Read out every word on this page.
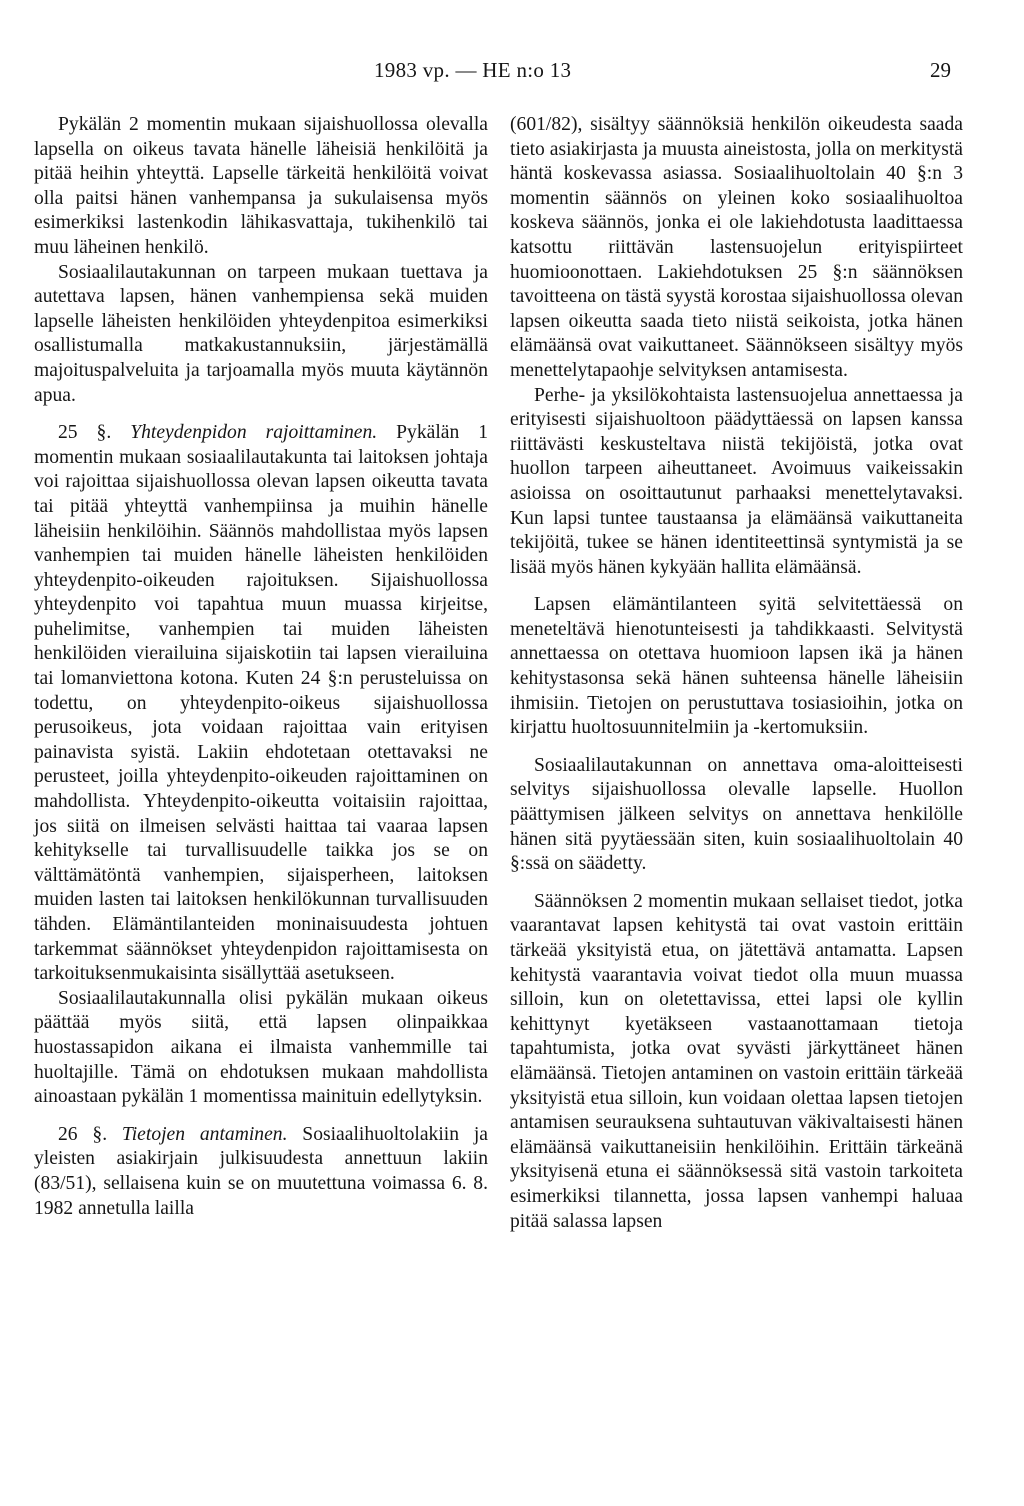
1983 vp. — HE n:o 13	29

Pykälän 2 momentin mukaan sijaishuollossa olevalla lapsella on oikeus tavata hänelle läheisiä henkilöitä ja pitää heihin yhteyttä. Lapselle tärkeitä henkilöitä voivat olla paitsi hänen vanhempansa ja sukulaisensa myös esimerkiksi lastenkodin lähikasvattaja, tukihenkilö tai muu läheinen henkilö.

Sosiaalilautakunnan on tarpeen mukaan tuettava ja autettava lapsen, hänen vanhempiensa sekä muiden lapselle läheisten henkilöiden yhteydenpitoa esimerkiksi osallistumalla matkakustannuksiin, järjestämällä majoituspalveluita ja tarjoamalla myös muuta käytännön apua.

25 §. Yhteydenpidon rajoittaminen. Pykälän 1 momentin mukaan sosiaalilautakunta tai laitoksen johtaja voi rajoittaa sijaishuollossa olevan lapsen oikeutta tavata tai pitää yhteyttä vanhempiinsa ja muihin hänelle läheisiin henkilöihin. Säännös mahdollistaa myös lapsen vanhempien tai muiden hänelle läheisten henkilöiden yhteydenpito-oikeuden rajoituksen. Sijaishuollossa yhteydenpito voi tapahtua muun muassa kirjeitse, puhelimitse, vanhempien tai muiden läheisten henkilöiden vierailuina sijaiskotiin tai lapsen vierailuina tai lomanviettona kotona. Kuten 24 §:n perusteluissa on todettu, on yhteydenpito-oikeus sijaishuollossa perusoikeus, jota voidaan rajoittaa vain erityisen painavista syistä. Lakiin ehdotetaan otettavaksi ne perusteet, joilla yhteydenpito-oikeuden rajoittaminen on mahdollista. Yhteydenpito-oikeutta voitaisiin rajoittaa, jos siitä on ilmeisen selvästi haittaa tai vaaraa lapsen kehitykselle tai turvallisuudelle taikka jos se on välttämätöntä vanhempien, sijaisperheen, laitoksen muiden lasten tai laitoksen henkilökunnan turvallisuuden tähden. Elämäntilanteiden moninaisuudesta johtuen tarkemmat säännökset yhteydenpidon rajoittamisesta on tarkoituksenmukaisinta sisällyttää asetukseen.

Sosiaalilautakunnalla olisi pykälän mukaan oikeus päättää myös siitä, että lapsen olinpaikkaa huostassapidon aikana ei ilmaista vanhemmille tai huoltajille. Tämä on ehdotuksen mukaan mahdollista ainoastaan pykälän 1 momentissa mainituin edellytyksin.

26 §. Tietojen antaminen. Sosiaalihuoltolakiin ja yleisten asiakirjain julkisuudesta annettuun lakiin (83/51), sellaisena kuin se on muutettuna voimassa 6. 8. 1982 annetulla lailla

(601/82), sisältyy säännöksiä henkilön oikeudesta saada tieto asiakirjasta ja muusta aineistosta, jolla on merkitystä häntä koskevassa asiassa. Sosiaalihuoltolain 40 §:n 3 momentin säännös on yleinen koko sosiaalihuoltoa koskeva säännös, jonka ei ole lakiehdotusta laadittaessa katsottu riittävän lastensuojelun erityispiirteet huomioonottaen. Lakiehdotuksen 25 §:n säännöksen tavoitteena on tästä syystä korostaa sijaishuollossa olevan lapsen oikeutta saada tieto niistä seikoista, jotka hänen elämäänsä ovat vaikuttaneet. Säännökseen sisältyy myös menettelytapaohje selvityksen antamisesta.

Perhe- ja yksilökohtaista lastensuojelua annettaessa ja erityisesti sijaishuoltoon päädyttäessä on lapsen kanssa riittävästi keskusteltava niistä tekijöistä, jotka ovat huollon tarpeen aiheuttaneet. Avoimuus vaikeissakin asioissa on osoittautunut parhaaksi menettelytavaksi. Kun lapsi tuntee taustaansa ja elämäänsä vaikuttaneita tekijöitä, tukee se hänen identiteettinsä syntymistä ja se lisää myös hänen kykyään hallita elämäänsä.

Lapsen elämäntilanteen syitä selvitettäessä on meneteltävä hienotunteisesti ja tahdikkaasti. Selvitystä annettaessa on otettava huomioon lapsen ikä ja hänen kehitystasonsa sekä hänen suhteensa hänelle läheisiin ihmisiin. Tietojen on perustuttava tosiasioihin, jotka on kirjattu huoltosuunnitelmiin ja -kertomuksiin.

Sosiaalilautakunnan on annettava oma-aloitteisesti selvitys sijaishuollossa olevalle lapselle. Huollon päättymisen jälkeen selvitys on annettava henkilölle hänen sitä pyytäessään siten, kuin sosiaalihuoltolain 40 §:ssä on säädetty.

Säännöksen 2 momentin mukaan sellaiset tiedot, jotka vaarantavat lapsen kehitystä tai ovat vastoin erittäin tärkeää yksityistä etua, on jätettävä antamatta. Lapsen kehitystä vaarantavia voivat tiedot olla muun muassa silloin, kun on oletettavissa, ettei lapsi ole kyllin kehittynyt kyetäkseen vastaanottamaan tietoja tapahtumista, jotka ovat syvästi järkyttäneet hänen elämäänsä. Tietojen antaminen on vastoin erittäin tärkeää yksityistä etua silloin, kun voidaan olettaa lapsen tietojen antamisen seurauksena suhtautuvan väkivaltaisesti hänen elämäänsä vaikuttaneisiin henkilöihin. Erittäin tärkeänä yksityisenä etuna ei säännöksessä sitä vastoin tarkoiteta esimerkiksi tilannetta, jossa lapsen vanhempi haluaa pitää salassa lapsen
